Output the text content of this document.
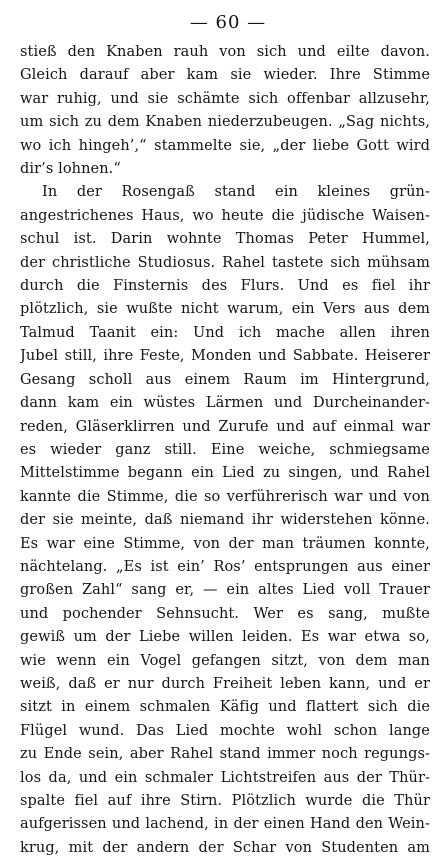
— 60 —
stieß den Knaben rauh von sich und eilte davon.
Gleich darauf aber kam sie wieder. Ihre Stimme
war ruhig, und sie schämte sich offenbar allzusehr,
um sich zu dem Knaben niederzubeugen. „Sag nichts,
wo ich hingeh’,“ stammelte sie, „der liebe Gott wird
dir’s lohnen.“
In der Rosengaß stand ein kleines grün-
angestrichenes Haus, wo heute die jüdische Waisen-
schul ist. Darin wohnte Thomas Peter Hummel,
der christliche Studiosus. Rahel tastete sich mühsam
durch die Finsternis des Flurs. Und es fiel ihr
plötzlich, sie wußte nicht warum, ein Vers aus dem
Talmud Taanit ein: Und ich mache allen ihren
Jubel still, ihre Feste, Monden und Sabbate. Heiserer
Gesang scholl aus einem Raum im Hintergrund,
dann kam ein wüstes Lärmen und Durcheinander-
reden, Gläserklirren und Zurufe und auf einmal war
es wieder ganz still. Eine weiche, schmiegsame
Mittelstimme begann ein Lied zu singen, und Rahel
kannte die Stimme, die so verführerisch war und von
der sie meinte, daß niemand ihr widerstehen könne.
Es war eine Stimme, von der man träumen konnte,
nächtelang. „Es ist ein’ Ros’ entsprungen aus einer
großen Zahl“ sang er, — ein altes Lied voll Trauer
und pochender Sehnsucht. Wer es sang, mußte
gewiß um der Liebe willen leiden. Es war etwa so,
wie wenn ein Vogel gefangen sitzt, von dem man
weiß, daß er nur durch Freiheit leben kann, und er
sitzt in einem schmalen Käfig und flattert sich die
Flügel wund. Das Lied mochte wohl schon lange
zu Ende sein, aber Rahel stand immer noch regungs-
los da, und ein schmaler Lichtstreifen aus der Thür-
spalte fiel auf ihre Stirn. Plötzlich wurde die Thür
aufgerissen und lachend, in der einen Hand den Wein-
krug, mit der andern der Schar von Studenten am
